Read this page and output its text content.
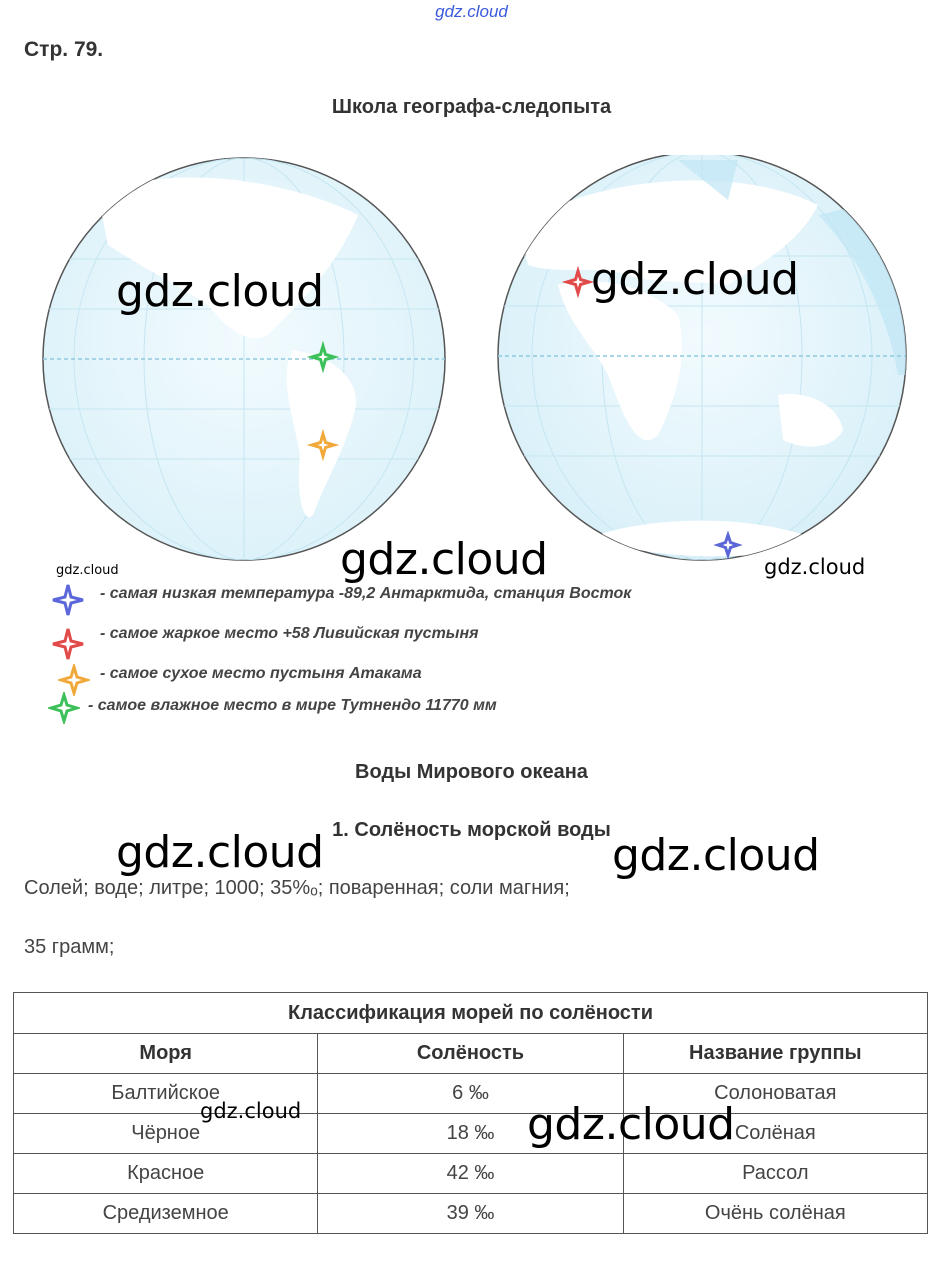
gdz.cloud
Стр. 79.
Школа географа-следопыта
gdz.cloud	gdz.cloud
gdz.cloud
gdz.cloud	gdz.cloud
- самая низкая температура -89,2 Антарктида, станция Восток
- самое жаркое место +58 Ливийская пустыня
- самое сухое место пустыня Атакама
- самое влажное место в мире Тутнендо 11770 мм
Воды Мирового океана
1. Солёность морской воды
gdz.cloud	gdz.cloud
Солей; воде; литре; 1000; 35%ₒ; поваренная; соли магния;
35 грамм;
Классификация морей по солёности		
Моря	Солёность	Название группы
Балтийское	6 ‰	Солоноватая
Чёрное	18 ‰	Солёная
Красное	42 ‰	Рассол
Средиземное	39 ‰	Очёнь солёная
gdz.cloud	gdz.cloud
